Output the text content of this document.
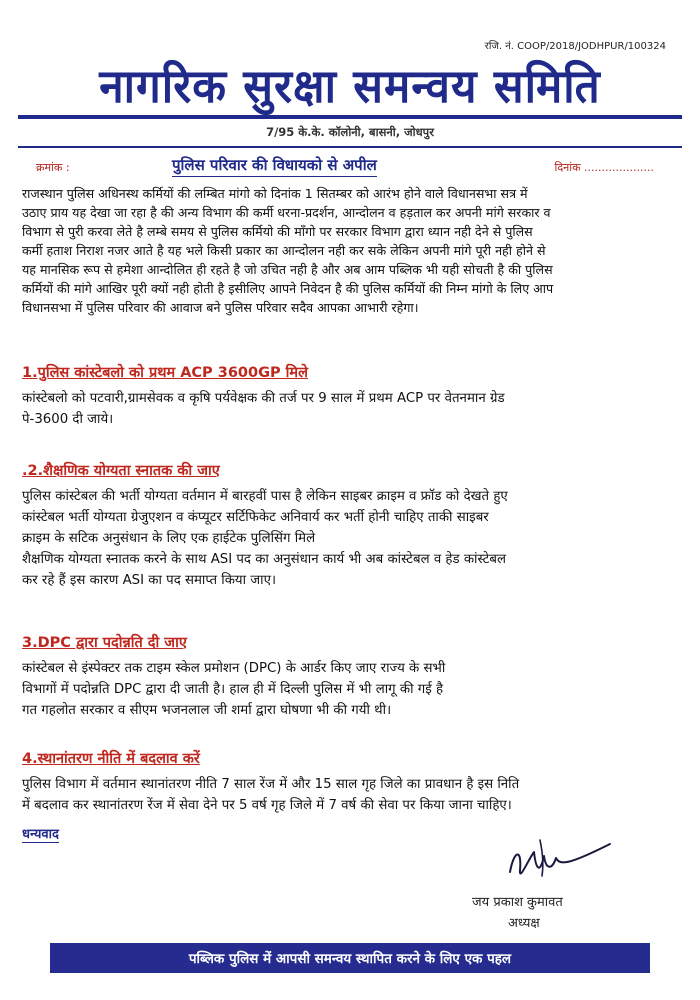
रजि. नं. COOP/2018/JODHPUR/100324
नागरिक सुरक्षा समन्वय समिति
7/95 के.के. कॉलोनी, बासनी, जोधपुर
क्रमांक :	पुलिस परिवार की विधायको से अपील	दिनांक ....................

राजस्थान पुलिस अधिनस्थ कर्मियों की लम्बित मांगो को दिनांक 1 सितम्बर को आरंभ होने वाले विधानसभा सत्र में

उठाए प्राय यह देखा जा रहा है की अन्य विभाग की कर्मी धरना-प्रदर्शन, आन्दोलन व हड़ताल कर अपनी मांगे सरकार व

विभाग से पुरी करवा लेते है लम्बे समय से पुलिस कर्मियो की माँगो पर सरकार विभाग द्वारा ध्यान नही देने से पुलिस

कर्मी हताश निराश नजर आते है यह भले किसी प्रकार का आन्दोलन नही कर सके लेकिन अपनी मांगे पूरी नही होने से

यह मानसिक रूप से हमेशा आन्दोलित ही रहते है जो उचित नही है और अब आम पब्लिक भी यही सोचती है की पुलिस

कर्मियों की मांगे आखिर पूरी क्यों नही होती है इसीलिए आपने निवेदन है की पुलिस कर्मियों की निम्न मांगो के लिए आप

विधानसभा में पुलिस परिवार की आवाज बने पुलिस परिवार सदैव आपका आभारी रहेगा।

1.पुलिस कांस्टेबलो को प्रथम ACP 3600GP मिले

कांस्टेबलो को पटवारी,ग्रामसेवक व कृषि पर्यवेक्षक की तर्ज पर 9 साल में प्रथम ACP पर वेतनमान ग्रेड

पे-3600 दी जाये।

.2.शैक्षणिक योग्यता स्नातक की जाए

पुलिस कांस्टेबल की भर्ती योग्यता वर्तमान में बारहवीं पास है लेकिन साइबर क्राइम व फ्रॉड को देखते हुए

कांस्टेबल भर्ती योग्यता ग्रेजुएशन व कंप्यूटर सर्टिफिकेट अनिवार्य कर भर्ती होनी चाहिए ताकी साइबर

क्राइम के सटिक अनुसंधान के लिए एक हाईटेक पुलिसिंग मिले

शैक्षणिक योग्यता स्नातक करने के साथ ASI पद का अनुसंधान कार्य भी अब कांस्टेबल व हेड कांस्टेबल

कर रहे हैं इस कारण ASI का पद समाप्त किया जाए।

3.DPC द्वारा पदोन्नति दी जाए

कांस्टेबल से इंस्पेक्टर तक टाइम स्केल प्रमोशन (DPC) के आर्डर किए जाए राज्य के सभी

विभागों में पदोन्नति DPC द्वारा दी जाती है। हाल ही में दिल्ली पुलिस में भी लागू की गई है

गत गहलोत सरकार व सीएम भजनलाल जी शर्मा द्वारा घोषणा भी की गयी थी।

4.स्थानांतरण नीति में बदलाव करें

पुलिस विभाग में वर्तमान स्थानांतरण नीति 7 साल रेंज में और 15 साल गृह जिले का प्रावधान है इस निति

में बदलाव कर स्थानांतरण रेंज में सेवा देने पर 5 वर्ष गृह जिले में 7 वर्ष की सेवा पर किया जाना चाहिए।

धन्यवाद
जय प्रकाश कुमावत
अध्यक्ष
पब्लिक पुलिस में आपसी समन्वय स्थापित करने के लिए एक पहल
